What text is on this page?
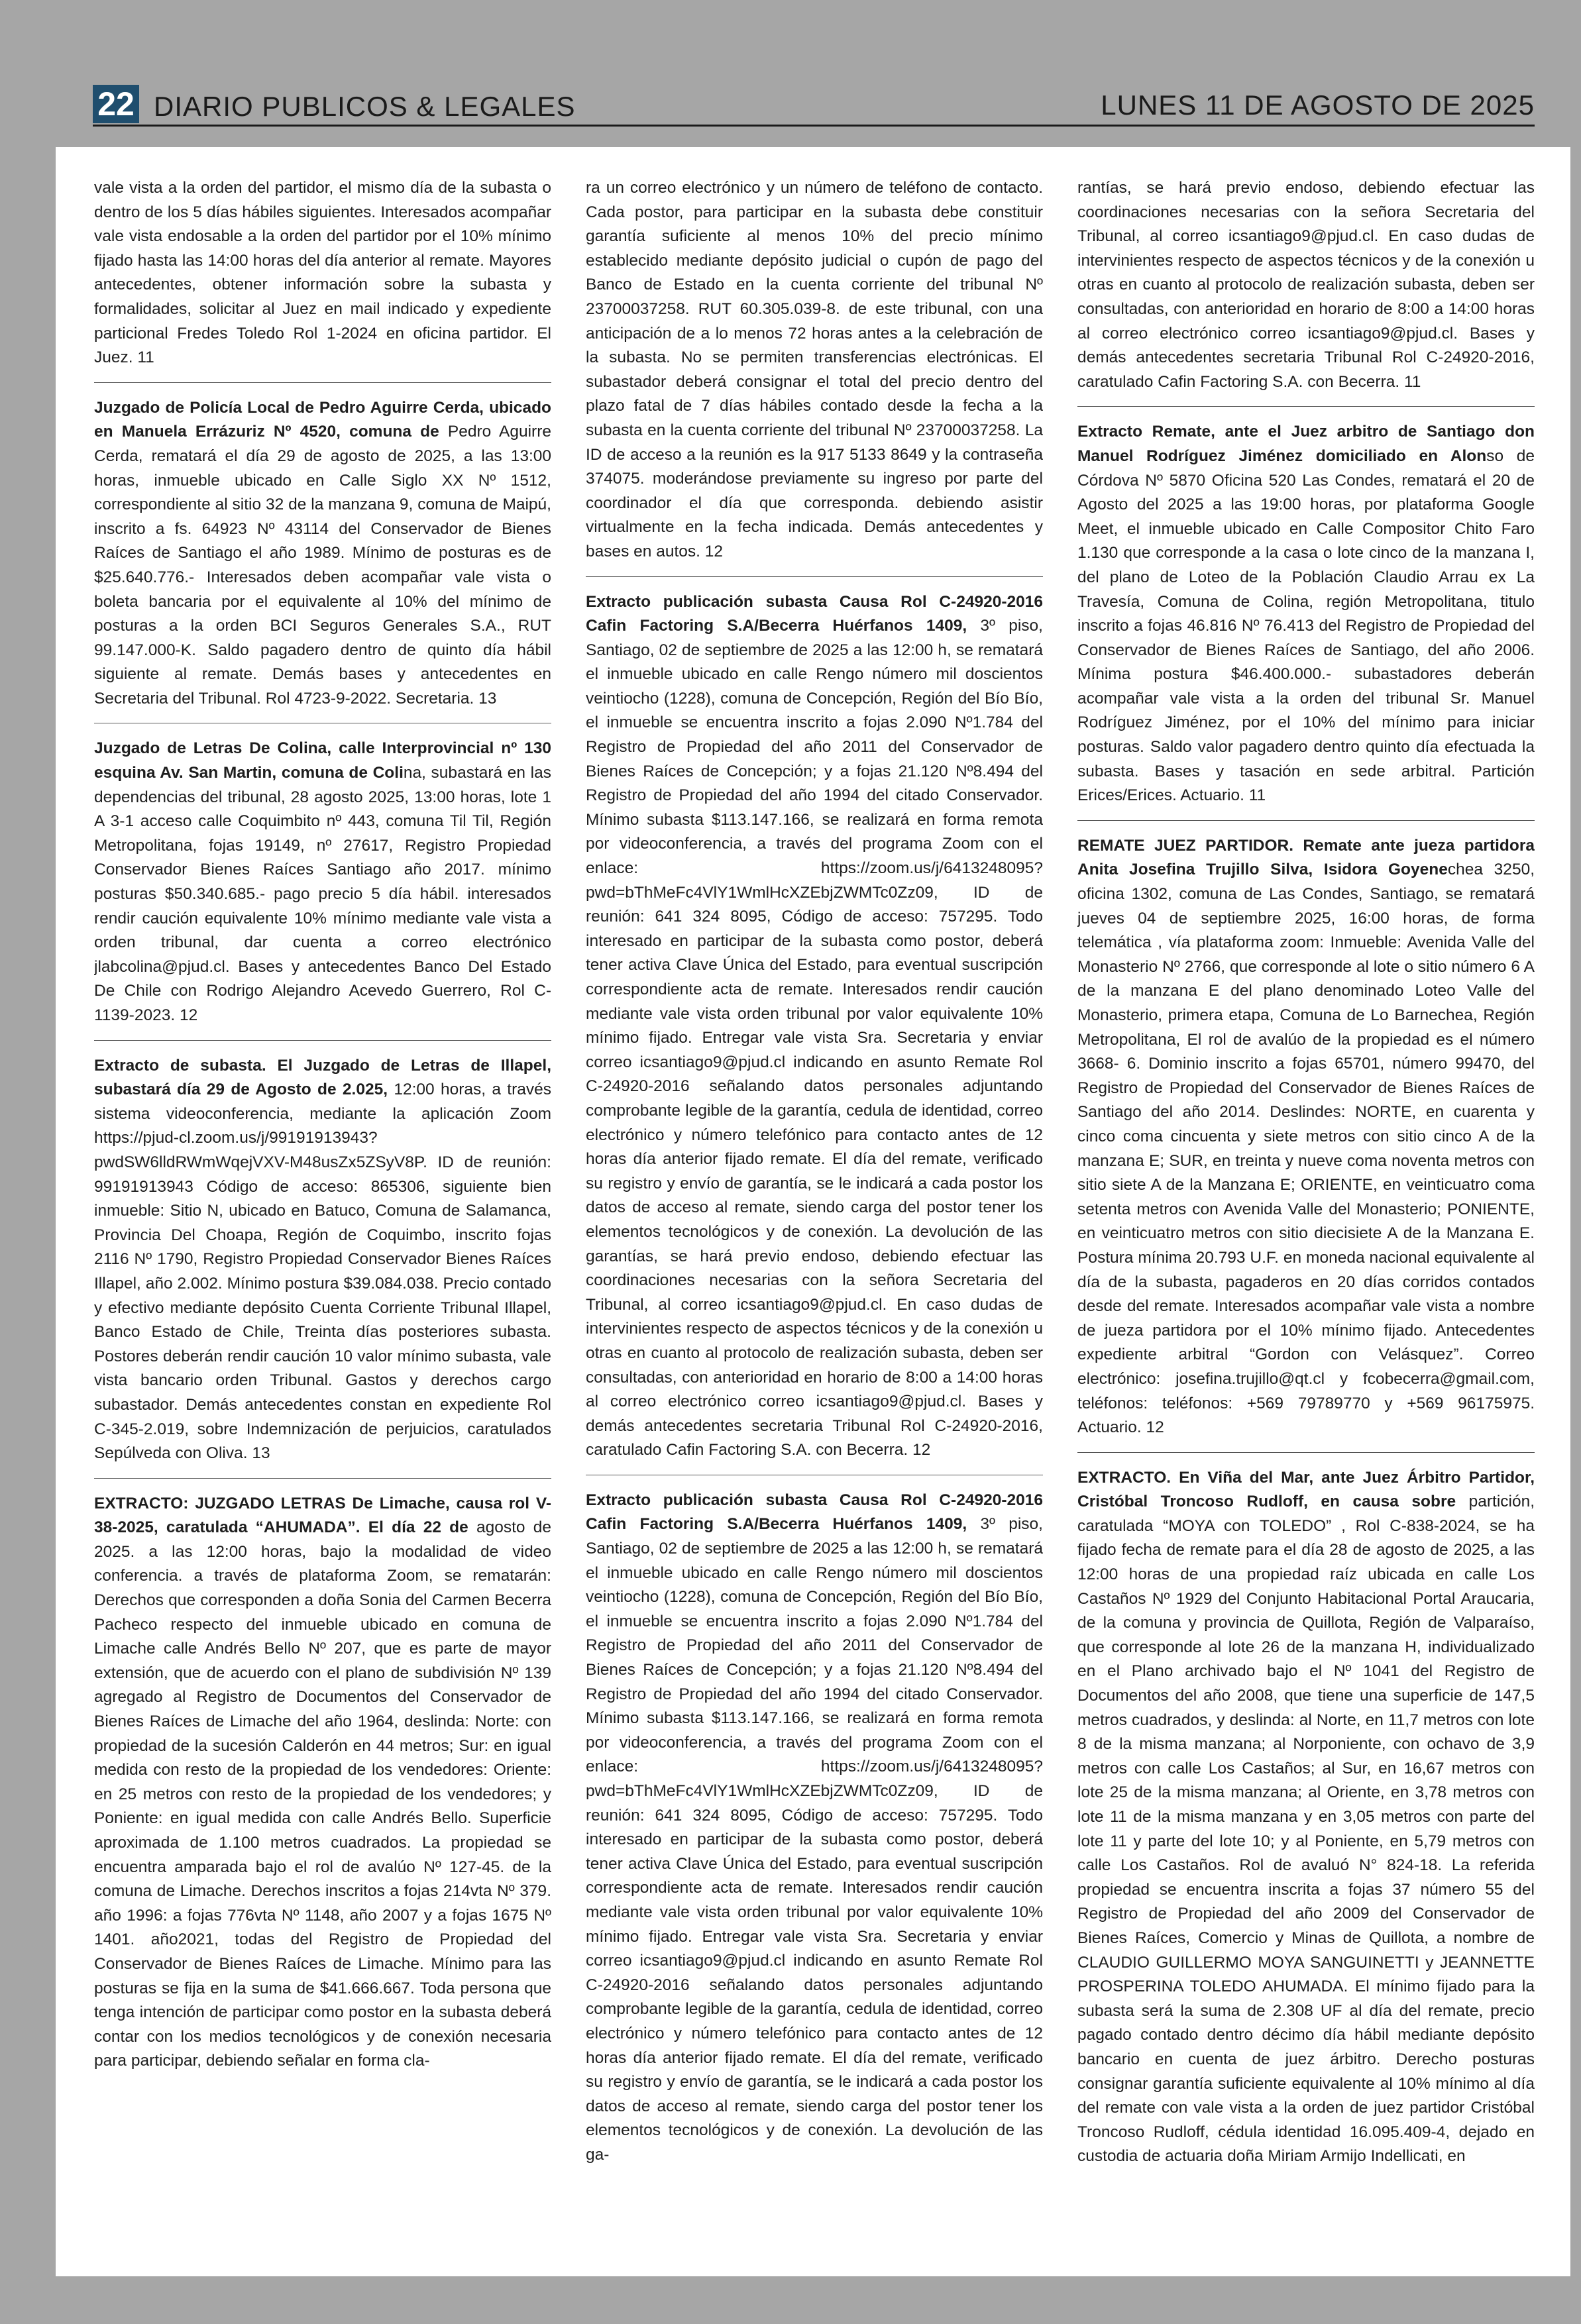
22 DIARIO PUBLICOS & LEGALES	LUNES 11 DE AGOSTO DE 2025

vale vista a la orden del partidor, el mismo día de la subasta o dentro de los 5 días hábiles siguientes. Interesados acompañar vale vista endosable a la orden del partidor por el 10% mínimo fijado hasta las 14:00 horas del día anterior al remate. Mayores antecedentes, obtener información sobre la subasta y formalidades, solicitar al Juez en mail indicado y expediente particional Fredes Toledo Rol 1-2024 en oficina partidor. El Juez. 11

Juzgado de Policía Local de Pedro Aguirre Cerda, ubicado en Manuela Errázuriz Nº 4520, comuna de Pedro Aguirre Cerda, rematará el día 29 de agosto de 2025, a las 13:00 horas, inmueble ubicado en Calle Siglo XX Nº 1512, correspondiente al sitio 32 de la manzana 9, comuna de Maipú, inscrito a fs. 64923 Nº 43114 del Conservador de Bienes Raíces de Santiago el año 1989. Mínimo de posturas es de $25.640.776.- Interesados deben acompañar vale vista o boleta bancaria por el equivalente al 10% del mínimo de posturas a la orden BCI Seguros Generales S.A., RUT 99.147.000-K. Saldo pagadero dentro de quinto día hábil siguiente al remate. Demás bases y antecedentes en Secretaria del Tribunal. Rol 4723-9-2022. Secretaria. 13

Juzgado de Letras De Colina, calle Interprovincial nº 130 esquina Av. San Martin, comuna de Colina, subastará en las dependencias del tribunal, 28 agosto 2025, 13:00 horas, lote 1 A 3-1 acceso calle Coquimbito nº 443, comuna Til Til, Región Metropolitana, fojas 19149, nº 27617, Registro Propiedad Conservador Bienes Raíces Santiago año 2017. mínimo posturas $50.340.685.- pago precio 5 día hábil. interesados rendir caución equivalente 10% mínimo mediante vale vista a orden tribunal, dar cuenta a correo electrónico jlabcolina@pjud.cl. Bases y antecedentes Banco Del Estado De Chile con Rodrigo Alejandro Acevedo Guerrero, Rol C-1139-2023. 12

Extracto de subasta. El Juzgado de Letras de Illapel, subastará día 29 de Agosto de 2.025, 12:00 horas, a través sistema videoconferencia, mediante la aplicación Zoom https://pjud-cl.zoom.us/j/99191913943?pwdSW6lldRWmWqejVXV-M48usZx5ZSyV8P. ID de reunión: 99191913943 Código de acceso: 865306, siguiente bien inmueble: Sitio N, ubicado en Batuco, Comuna de Salamanca, Provincia Del Choapa, Región de Coquimbo, inscrito fojas 2116 Nº 1790, Registro Propiedad Conservador Bienes Raíces Illapel, año 2.002. Mínimo postura $39.084.038. Precio contado y efectivo mediante depósito Cuenta Corriente Tribunal Illapel, Banco Estado de Chile, Treinta días posteriores subasta. Postores deberán rendir caución 10 valor mínimo subasta, vale vista bancario orden Tribunal. Gastos y derechos cargo subastador. Demás antecedentes constan en expediente Rol C-345-2.019, sobre Indemnización de perjuicios, caratulados Sepúlveda con Oliva. 13

EXTRACTO: JUZGADO LETRAS De Limache, causa rol V-38-2025, caratulada “AHUMADA”. El día 22 de agosto de 2025. a las 12:00 horas, bajo la modalidad de video conferencia. a través de plataforma Zoom, se rematarán: Derechos que corresponden a doña Sonia del Carmen Becerra Pacheco respecto del inmueble ubicado en comuna de Limache calle Andrés Bello Nº 207, que es parte de mayor extensión, que de acuerdo con el plano de subdivisión Nº 139 agregado al Registro de Documentos del Conservador de Bienes Raíces de Limache del año 1964, deslinda: Norte: con propiedad de la sucesión Calderón en 44 metros; Sur: en igual medida con resto de la propiedad de los vendedores: Oriente: en 25 metros con resto de la propiedad de los vendedores; y Poniente: en igual medida con calle Andrés Bello. Superficie aproximada de 1.100 metros cuadrados. La propiedad se encuentra amparada bajo el rol de avalúo Nº 127-45. de la comuna de Limache. Derechos inscritos a fojas 214vta Nº 379. año 1996: a fojas 776vta Nº 1148, año 2007 y a fojas 1675 Nº 1401. año2021, todas del Registro de Propiedad del Conservador de Bienes Raíces de Limache. Mínimo para las posturas se fija en la suma de $41.666.667. Toda persona que tenga intención de participar como postor en la subasta deberá contar con los medios tecnológicos y de conexión necesaria para participar, debiendo señalar en forma cla-

ra un correo electrónico y un número de teléfono de contacto. Cada postor, para participar en la subasta debe constituir garantía suficiente al menos 10% del precio mínimo establecido mediante depósito judicial o cupón de pago del Banco de Estado en la cuenta corriente del tribunal Nº 23700037258. RUT 60.305.039-8. de este tribunal, con una anticipación de a lo menos 72 horas antes a la celebración de la subasta. No se permiten transferencias electrónicas. El subastador deberá consignar el total del precio dentro del plazo fatal de 7 días hábiles contado desde la fecha a la subasta en la cuenta corriente del tribunal Nº 23700037258. La ID de acceso a la reunión es la 917 5133 8649 y la contraseña 374075. moderándose previamente su ingreso por parte del coordinador el día que corresponda. debiendo asistir virtualmente en la fecha indicada. Demás antecedentes y bases en autos. 12

Extracto publicación subasta Causa Rol C-24920-2016 Cafin Factoring S.A/Becerra Huérfanos 1409, 3º piso, Santiago, 02 de septiembre de 2025 a las 12:00 h, se rematará el inmueble ubicado en calle Rengo número mil doscientos veintiocho (1228), comuna de Concepción, Región del Bío Bío, el inmueble se encuentra inscrito a fojas 2.090 Nº1.784 del Registro de Propiedad del año 2011 del Conservador de Bienes Raíces de Concepción; y a fojas 21.120 Nº8.494 del Registro de Propiedad del año 1994 del citado Conservador. Mínimo subasta $113.147.166, se realizará en forma remota por videoconferencia, a través del programa Zoom con el enlace: https://zoom.us/j/6413248095?pwd=bThMeFc4VlY1WmlHcXZEbjZWMTc0Zz09, ID de reunión: 641 324 8095, Código de acceso: 757295. Todo interesado en participar de la subasta como postor, deberá tener activa Clave Única del Estado, para eventual suscripción correspondiente acta de remate. Interesados rendir caución mediante vale vista orden tribunal por valor equivalente 10% mínimo fijado. Entregar vale vista Sra. Secretaria y enviar correo icsantiago9@pjud.cl indicando en asunto Remate Rol C-24920-2016 señalando datos personales adjuntando comprobante legible de la garantía, cedula de identidad, correo electrónico y número telefónico para contacto antes de 12 horas día anterior fijado remate. El día del remate, verificado su registro y envío de garantía, se le indicará a cada postor los datos de acceso al remate, siendo carga del postor tener los elementos tecnológicos y de conexión. La devolución de las garantías, se hará previo endoso, debiendo efectuar las coordinaciones necesarias con la señora Secretaria del Tribunal, al correo icsantiago9@pjud.cl. En caso dudas de intervinientes respecto de aspectos técnicos y de la conexión u otras en cuanto al protocolo de realización subasta, deben ser consultadas, con anterioridad en horario de 8:00 a 14:00 horas al correo electrónico correo icsantiago9@pjud.cl. Bases y demás antecedentes secretaria Tribunal Rol C-24920-2016, caratulado Cafin Factoring S.A. con Becerra. 12

Extracto publicación subasta Causa Rol C-24920-2016 Cafin Factoring S.A/Becerra Huérfanos 1409, 3º piso, Santiago, 02 de septiembre de 2025 a las 12:00 h, se rematará el inmueble ubicado en calle Rengo número mil doscientos veintiocho (1228), comuna de Concepción, Región del Bío Bío, el inmueble se encuentra inscrito a fojas 2.090 Nº1.784 del Registro de Propiedad del año 2011 del Conservador de Bienes Raíces de Concepción; y a fojas 21.120 Nº8.494 del Registro de Propiedad del año 1994 del citado Conservador. Mínimo subasta $113.147.166, se realizará en forma remota por videoconferencia, a través del programa Zoom con el enlace: https://zoom.us/j/6413248095?pwd=bThMeFc4VlY1WmlHcXZEbjZWMTc0Zz09, ID de reunión: 641 324 8095, Código de acceso: 757295. Todo interesado en participar de la subasta como postor, deberá tener activa Clave Única del Estado, para eventual suscripción correspondiente acta de remate. Interesados rendir caución mediante vale vista orden tribunal por valor equivalente 10% mínimo fijado. Entregar vale vista Sra. Secretaria y enviar correo icsantiago9@pjud.cl indicando en asunto Remate Rol C-24920-2016 señalando datos personales adjuntando comprobante legible de la garantía, cedula de identidad, correo electrónico y número telefónico para contacto antes de 12 horas día anterior fijado remate. El día del remate, verificado su registro y envío de garantía, se le indicará a cada postor los datos de acceso al remate, siendo carga del postor tener los elementos tecnológicos y de conexión. La devolución de las ga-

rantías, se hará previo endoso, debiendo efectuar las coordinaciones necesarias con la señora Secretaria del Tribunal, al correo icsantiago9@pjud.cl. En caso dudas de intervinientes respecto de aspectos técnicos y de la conexión u otras en cuanto al protocolo de realización subasta, deben ser consultadas, con anterioridad en horario de 8:00 a 14:00 horas al correo electrónico correo icsantiago9@pjud.cl. Bases y demás antecedentes secretaria Tribunal Rol C-24920-2016, caratulado Cafin Factoring S.A. con Becerra. 11

Extracto Remate, ante el Juez arbitro de Santiago don Manuel Rodríguez Jiménez domiciliado en Alonso de Córdova Nº 5870 Oficina 520 Las Condes, rematará el 20 de Agosto del 2025 a las 19:00 horas, por plataforma Google Meet, el inmueble ubicado en Calle Compositor Chito Faro 1.130 que corresponde a la casa o lote cinco de la manzana I, del plano de Loteo de la Población Claudio Arrau ex La Travesía, Comuna de Colina, región Metropolitana, titulo inscrito a fojas 46.816 Nº 76.413 del Registro de Propiedad del Conservador de Bienes Raíces de Santiago, del año 2006. Mínima postura $46.400.000.- subastadores deberán acompañar vale vista a la orden del tribunal Sr. Manuel Rodríguez Jiménez, por el 10% del mínimo para iniciar posturas. Saldo valor pagadero dentro quinto día efectuada la subasta. Bases y tasación en sede arbitral. Partición Erices/Erices. Actuario. 11

REMATE JUEZ PARTIDOR. Remate ante jueza partidora Anita Josefina Trujillo Silva, Isidora Goyenechea 3250, oficina 1302, comuna de Las Condes, Santiago, se rematará jueves 04 de septiembre 2025, 16:00 horas, de forma telemática , vía plataforma zoom: Inmueble: Avenida Valle del Monasterio Nº 2766, que corresponde al lote o sitio número 6 A de la manzana E del plano denominado Loteo Valle del Monasterio, primera etapa, Comuna de Lo Barnechea, Región Metropolitana, El rol de avalúo de la propiedad es el número 3668- 6. Dominio inscrito a fojas 65701, número 99470, del Registro de Propiedad del Conservador de Bienes Raíces de Santiago del año 2014. Deslindes: NORTE, en cuarenta y cinco coma cincuenta y siete metros con sitio cinco A de la manzana E; SUR, en treinta y nueve coma noventa metros con sitio siete A de la Manzana E; ORIENTE, en veinticuatro coma setenta metros con Avenida Valle del Monasterio; PONIENTE, en veinticuatro metros con sitio diecisiete A de la Manzana E. Postura mínima 20.793 U.F. en moneda nacional equivalente al día de la subasta, pagaderos en 20 días corridos contados desde del remate. Interesados acompañar vale vista a nombre de jueza partidora por el 10% mínimo fijado. Antecedentes expediente arbitral “Gordon con Velásquez”. Correo electrónico: josefina.trujillo@qt.cl y fcobecerra@gmail.com, teléfonos: teléfonos: +569 79789770 y +569 96175975. Actuario. 12

EXTRACTO. En Viña del Mar, ante Juez Árbitro Partidor, Cristóbal Troncoso Rudloff, en causa sobre partición, caratulada “MOYA con TOLEDO” , Rol C-838-2024, se ha fijado fecha de remate para el día 28 de agosto de 2025, a las 12:00 horas de una propiedad raíz ubicada en calle Los Castaños Nº 1929 del Conjunto Habitacional Portal Araucaria, de la comuna y provincia de Quillota, Región de Valparaíso, que corresponde al lote 26 de la manzana H, individualizado en el Plano archivado bajo el Nº 1041 del Registro de Documentos del año 2008, que tiene una superficie de 147,5 metros cuadrados, y deslinda: al Norte, en 11,7 metros con lote 8 de la misma manzana; al Norponiente, con ochavo de 3,9 metros con calle Los Castaños; al Sur, en 16,67 metros con lote 25 de la misma manzana; al Oriente, en 3,78 metros con lote 11 de la misma manzana y en 3,05 metros con parte del lote 11 y parte del lote 10; y al Poniente, en 5,79 metros con calle Los Castaños. Rol de avaluó N° 824-18. La referida propiedad se encuentra inscrita a fojas 37 número 55 del Registro de Propiedad del año 2009 del Conservador de Bienes Raíces, Comercio y Minas de Quillota, a nombre de CLAUDIO GUILLERMO MOYA SANGUINETTI y JEANNETTE PROSPERINA TOLEDO AHUMADA. El mínimo fijado para la subasta será la suma de 2.308 UF al día del remate, precio pagado contado dentro décimo día hábil mediante depósito bancario en cuenta de juez árbitro. Derecho posturas consignar garantía suficiente equivalente al 10% mínimo al día del remate con vale vista a la orden de juez partidor Cristóbal Troncoso Rudloff, cédula identidad 16.095.409-4, dejado en custodia de actuaria doña Miriam Armijo Indellicati, en
